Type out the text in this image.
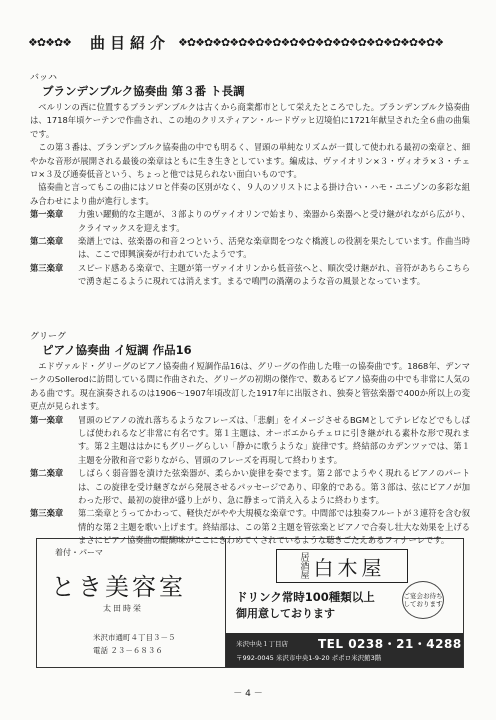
❖✿❖✿❖	曲目紹介 ❖✿❖✿❖✿❖✿❖✿❖✿❖✿❖✿❖✿❖✿❖✿❖✿❖✿❖✿❖✿❖

バッハ

ブランデンブルク協奏曲 第３番 ト長調

ベルリンの西に位置するブランデンブルクは古くから商業都市として栄えたところでした。ブランデンブルク協奏曲は、1718年頃ケーテンで作曲され、この地のクリスティアン・ルードヴッヒ辺境伯に1721年献呈された全６曲の曲集です。

この第３番は、ブランデンブルク協奏曲の中でも明るく、冒頭の単純なリズムが一貫して使われる最初の楽章と、細やかな音形が展開される最後の楽章はともに生き生きとしています。編成は、ヴァイオリン×３・ヴィオラ×３・チェロ×３及び通奏低音という、ちょっと他では見られない面白いものです。

協奏曲と言ってもこの曲にはソロと伴奏の区別がなく、９人のソリストによる掛け合い・ハモ・ユニゾンの多彩な組み合わせにより曲が進行します。

第一楽章	力強い躍動的な主題が、３部よりのヴァイオリンで始まり、楽器から楽器へと受け継がれながら広がり、クライマックスを迎えます。
第二楽章	楽譜上では、弦楽器の和音２つという、活発な楽章間をつなぐ橋渡しの役割を果たしています。作曲当時は、ここで即興演奏が行われていたようです。
第三楽章	スピード感ある楽章で、主題が第一ヴァイオリンから低音弦へと、順次受け継がれ、音符があちらこちらで湧き起こるように現れては消えます。まるで鳴門の渦潮のような音の風景となっています。

グリーグ

ピアノ協奏曲 イ短調 作品16

エドヴァルド・グリーグのピアノ協奏曲イ短調作品16は、グリーグの作曲した唯一の協奏曲です。1868年、デンマークのSollerodに訪問している間に作曲された、グリーグの初期の傑作で、数あるピアノ協奏曲の中でも非常に人気のある曲です。現在演奏されるのは1906～1907年頃改訂した1917年に出版され、独奏と管弦楽器で400か所以上の変更点が見られます。

第一楽章	冒頭のピアノの流れ落ちるようなフレーズは、「悲劇」をイメージさせるBGMとしてテレビなどでもしばしば使われるなど非常に有名です。第１主題は、オーボエからチェロに引き継がれる素朴な形で現れます。第２主題ははかにもグリーグらしい「静かに歌うような」旋律です。終結部のカデンツァでは、第１主題を分散和音で彩りながら、冒頭のフレーズを再現して終わります。
第二楽章	しばらく弱音器を漬けた弦楽器が、柔らかい旋律を奏でます。第２部でようやく現れるピアノのパートは、この旋律を受け継ぎながら発展させるパッセージであり、印象的である。第３部は、弦にピアノが加わった形で、最初の旋律が盛り上がり、急に静まって消え入るように終わります。
第三楽章	第二楽章とうってかわって、軽快だがやや大規模な楽章です。中間部では独奏フルートが３連符を含む叙情的な第２主題を歌い上げます。終結部は、この第２主題を管弦楽とピアノで合奏し壮大な効果を上げるまさにピアノ協奏曲の醍醐味がここにきわめてくされているような聴きごたえあるフィナーレです。
着付・パーマ
とき美容室
太田時栄
米沢市通町４丁目３－５
電話 ２３－６８３６
居酒屋 白木屋
ドリンク常時100種類以上
御用意しております
ご宴会お待ちしております
米沢中央１丁目店	TEL 0238・21・4288
〒992-0045 米沢市中央1-9-20 ポポロ米沢館3階
－ 4 －
